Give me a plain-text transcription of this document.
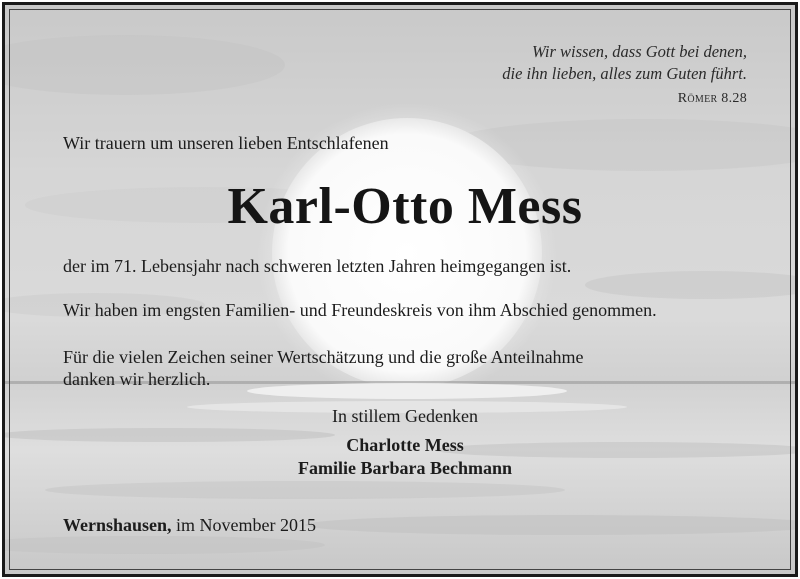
Wir wissen, dass Gott bei denen,
die ihn lieben, alles zum Guten führt.

Römer 8.28

Wir trauern um unseren lieben Entschlafenen

Karl-Otto Mess

der im 71. Lebensjahr nach schweren letzten Jahren heimgegangen ist.

Wir haben im engsten Familien- und Freundeskreis von ihm Abschied genommen.

Für die vielen Zeichen seiner Wertschätzung und die große Anteilnahme
danken wir herzlich.

In stillem Gedenken

Charlotte Mess

Familie Barbara Bechmann

Wernshausen, im November 2015
